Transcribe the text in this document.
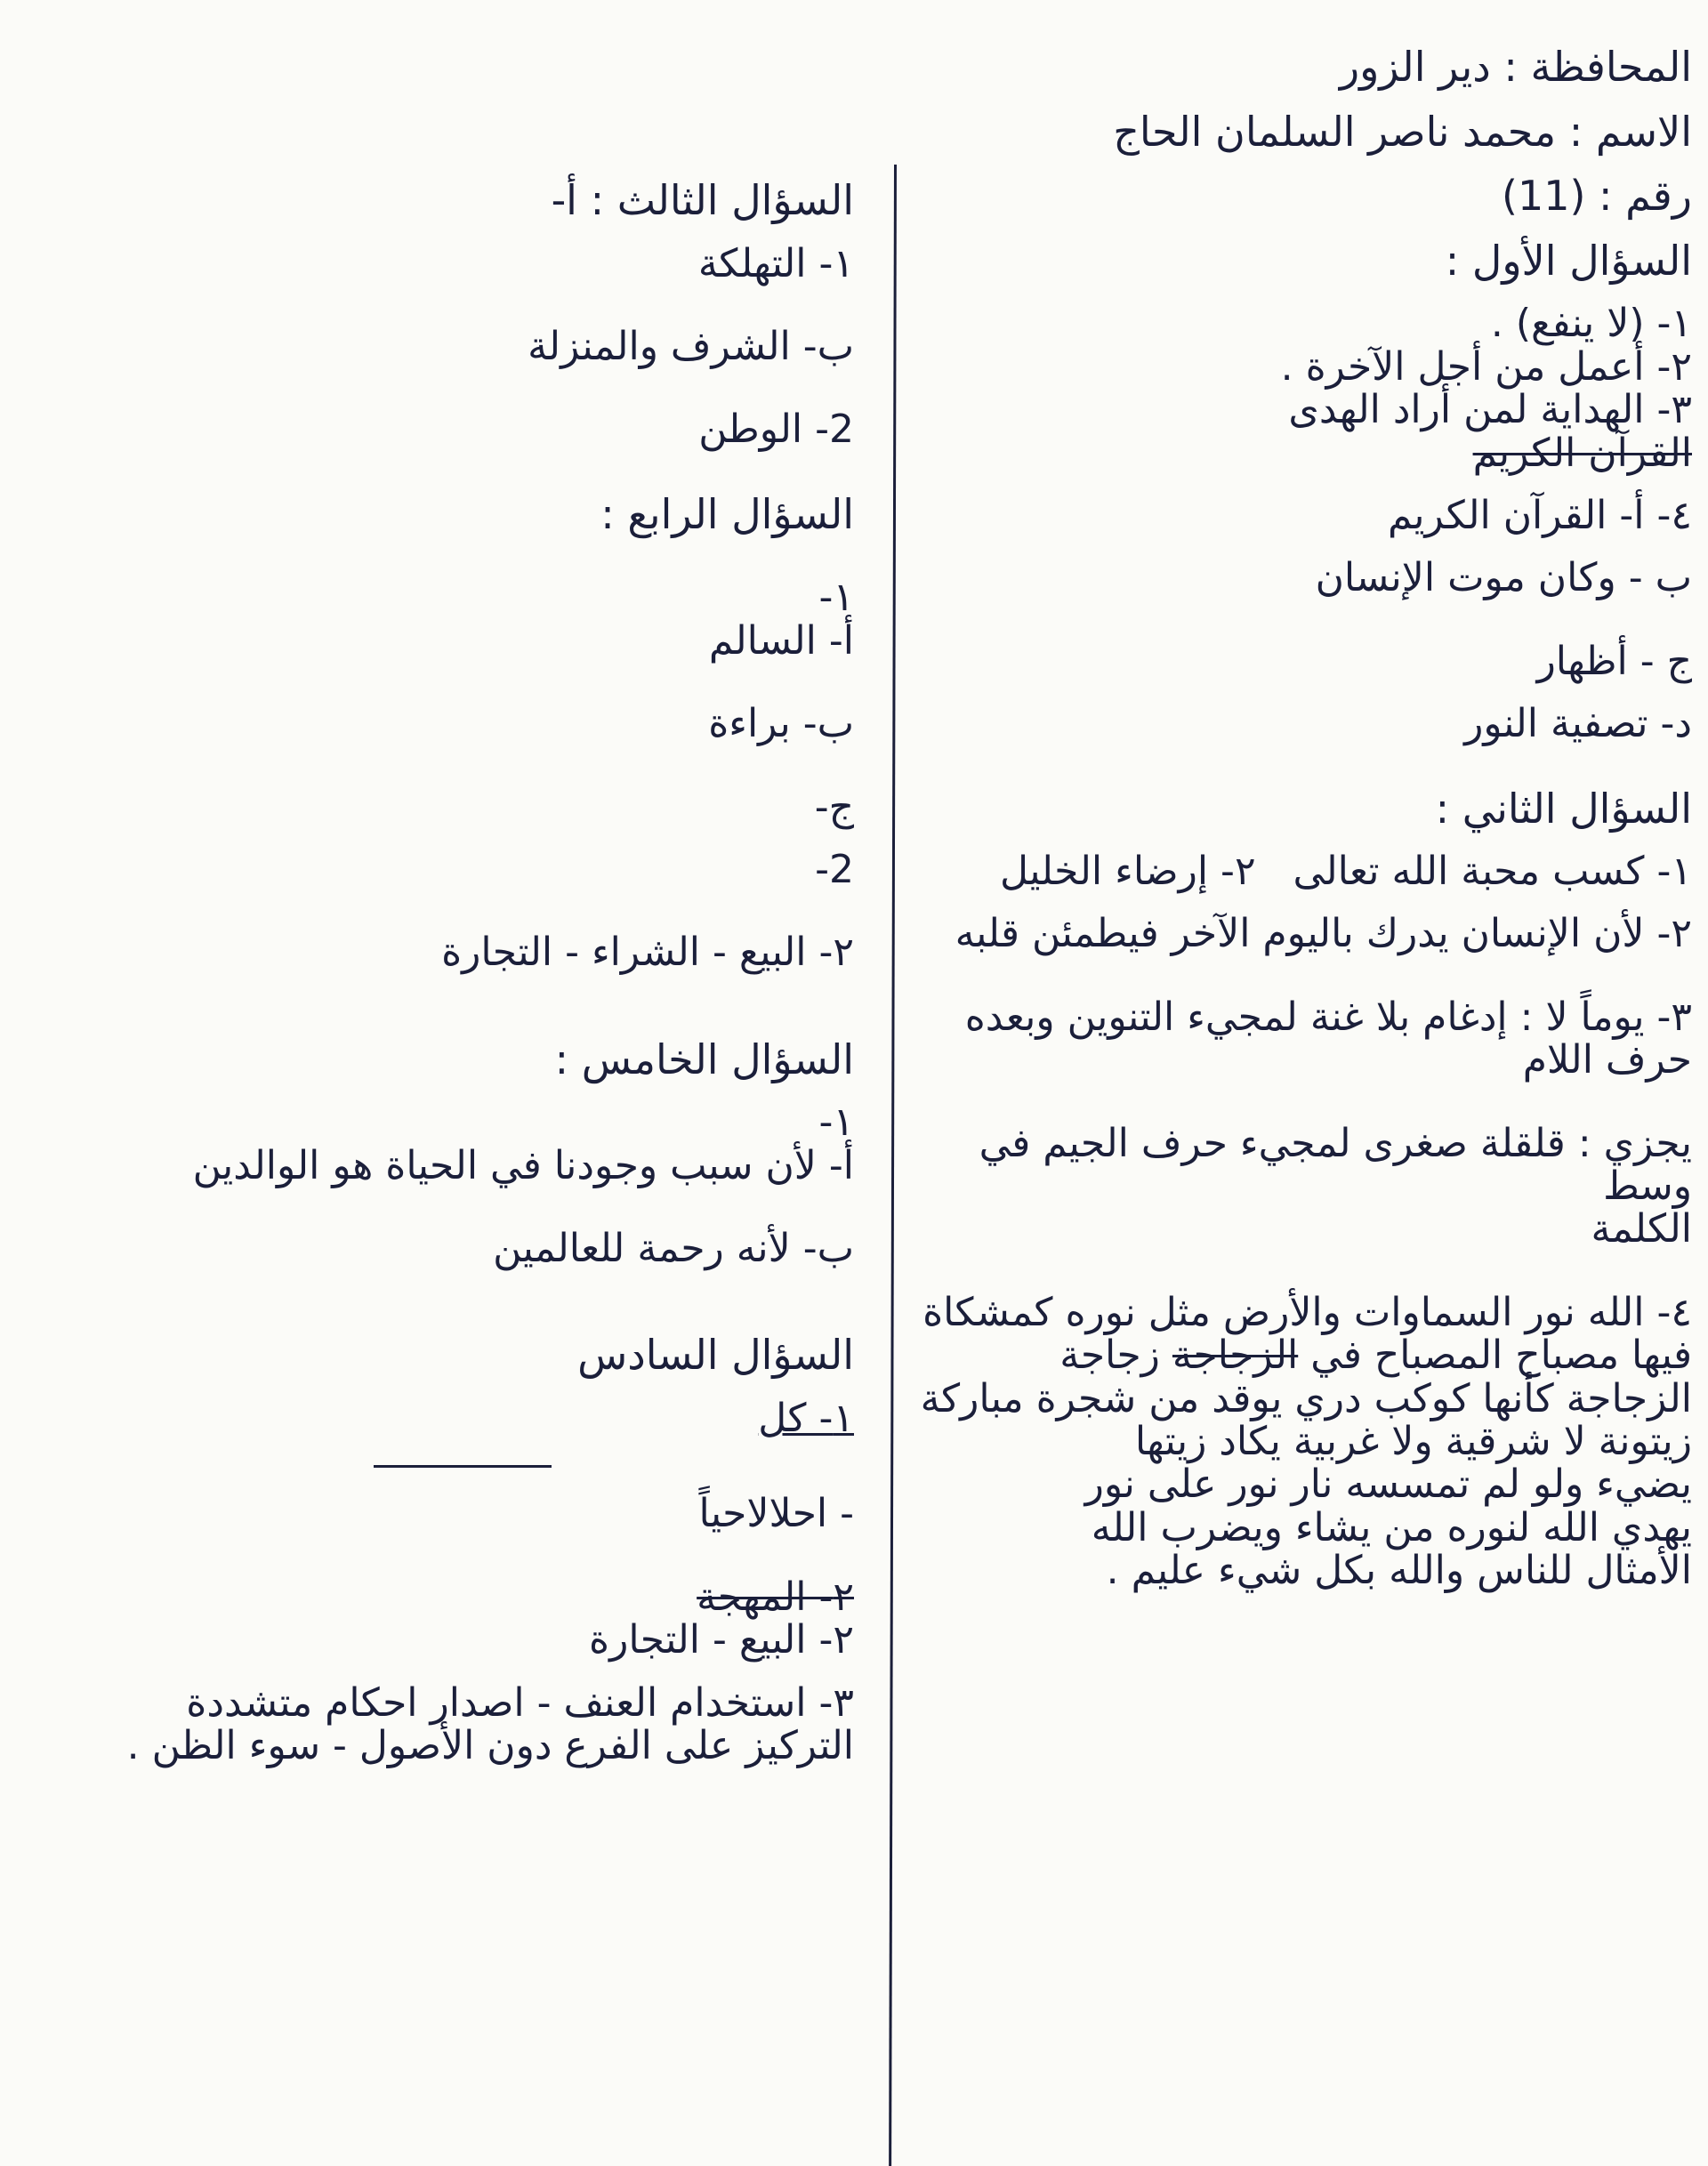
المحافظة : دير الزور
الاسم : محمد ناصر السلمان الحاج
رقم : (11)
السؤال الأول :
١- (لا ينفع) .
٢- أعمل من أجل الآخرة .
٣- الهداية لمن أراد الهدى
القرآن الكريم
٤- أ- القرآن الكريم
ب - وكان موت الإنسان
ج - أظهار
د- تصفية النور
السؤال الثاني :
١- كسب محبة الله تعالى   ٢- إرضاء الخليل
٢- لأن الإنسان يدرك باليوم الآخر فيطمئن قلبه
٣- يوماً لا : إدغام بلا غنة لمجيء التنوين وبعده
حرف اللام
يجزي : قلقلة صغرى لمجيء حرف الجيم في وسط
الكلمة
٤- الله نور السماوات والأرض مثل نوره كمشكاة
فيها مصباح المصباح في الزجاجة زجاجة
الزجاجة كأنها كوكب دري يوقد من شجرة مباركة
زيتونة لا شرقية ولا غربية يكاد زيتها
يضيء ولو لم تمسسه نار نور على نور
يهدي الله لنوره من يشاء ويضرب الله
الأمثال للناس والله بكل شيء عليم .
السؤال الثالث : أ-
١- التهلكة
ب- الشرف والمنزلة
2- الوطن
السؤال الرابع :
١-
أ- السالم
ب- براءة
ج-
2-
٢- البيع - الشراء - التجارة
السؤال الخامس :
١-
أ- لأن سبب وجودنا في الحياة هو الوالدين
ب- لأنه رحمة للعالمين
السؤال السادس
١- كل
- احلالاحياً
٢- المهجة
٢- البيع - التجارة
٣- استخدام العنف - اصدار احكام متشددة
التركيز على الفرع دون الأصول - سوء الظن .
